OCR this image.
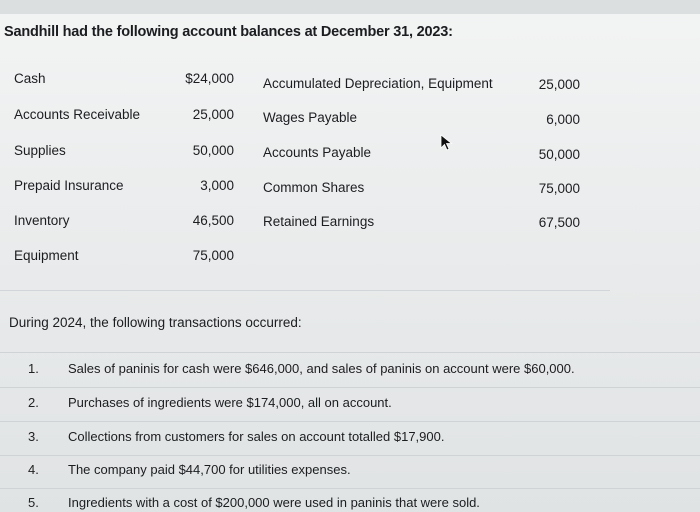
Sandhill had the following account balances at December 31, 2023:
Cash	$24,000
Accounts Receivable	25,000
Supplies	50,000
Prepaid Insurance	3,000
Inventory	46,500
Equipment	75,000
Accumulated Depreciation, Equipment	25,000
Wages Payable	6,000
Accounts Payable	50,000
Common Shares	75,000
Retained Earnings	67,500
During 2024, the following transactions occurred:
1. Sales of paninis for cash were $646,000, and sales of paninis on account were $60,000.
2. Purchases of ingredients were $174,000, all on account.
3. Collections from customers for sales on account totalled $17,900.
4. The company paid $44,700 for utilities expenses.
5. Ingredients with a cost of $200,000 were used in paninis that were sold.
